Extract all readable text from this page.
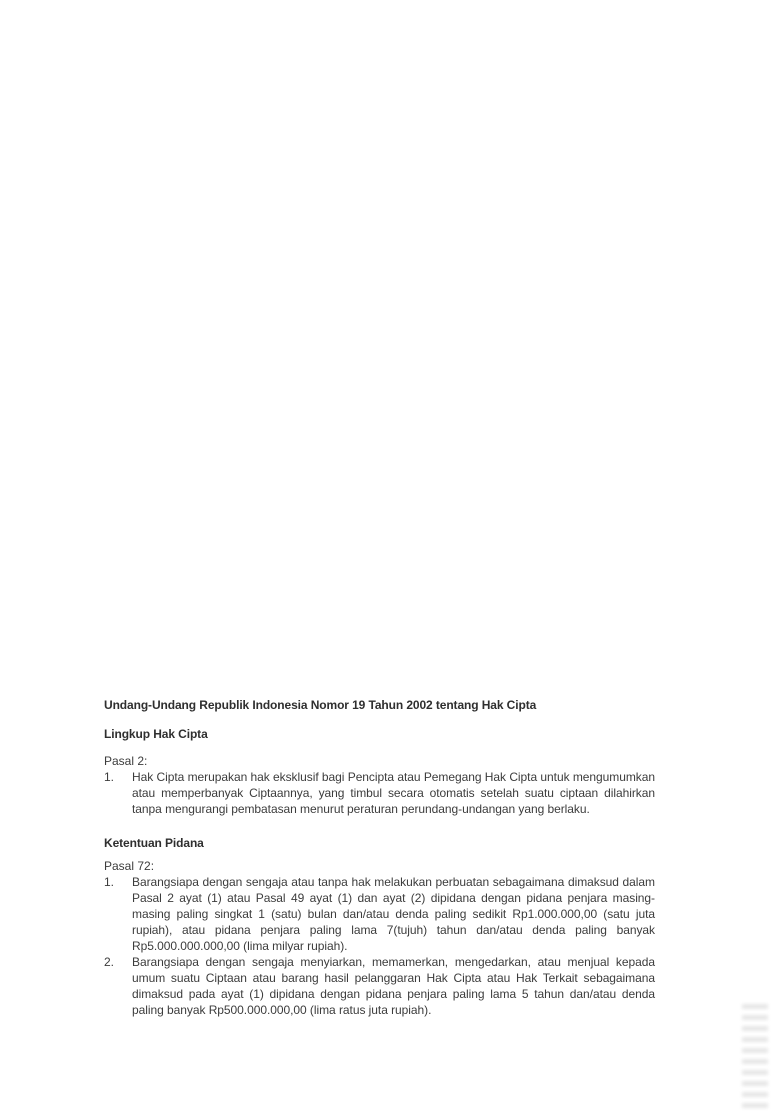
Undang-Undang Republik Indonesia Nomor 19 Tahun 2002 tentang Hak Cipta

Lingkup Hak Cipta

Pasal 2:

1.	Hak Cipta merupakan hak eksklusif bagi Pencipta atau Pemegang Hak Cipta untuk mengumumkan atau memperbanyak Ciptaannya, yang timbul secara otomatis setelah suatu ciptaan dilahirkan tanpa mengurangi pembatasan menurut peraturan perundang-undangan yang berlaku.

Ketentuan Pidana

Pasal 72:

1.	Barangsiapa dengan sengaja atau tanpa hak melakukan perbuatan sebagaimana dimaksud dalam Pasal 2 ayat (1) atau Pasal 49 ayat (1) dan ayat (2) dipidana dengan pidana penjara masing-masing paling singkat 1 (satu) bulan dan/atau denda paling sedikit Rp1.000.000,00 (satu juta rupiah), atau pidana penjara paling lama 7(tujuh) tahun dan/atau denda paling banyak Rp5.000.000.000,00 (lima milyar rupiah).
2.	Barangsiapa dengan sengaja menyiarkan, memamerkan, mengedarkan, atau menjual kepada umum suatu Ciptaan atau barang hasil pelanggaran Hak Cipta atau Hak Terkait sebagaimana dimaksud pada ayat (1) dipidana dengan pidana penjara paling lama 5 tahun dan/atau denda paling banyak Rp500.000.000,00 (lima ratus juta rupiah).
